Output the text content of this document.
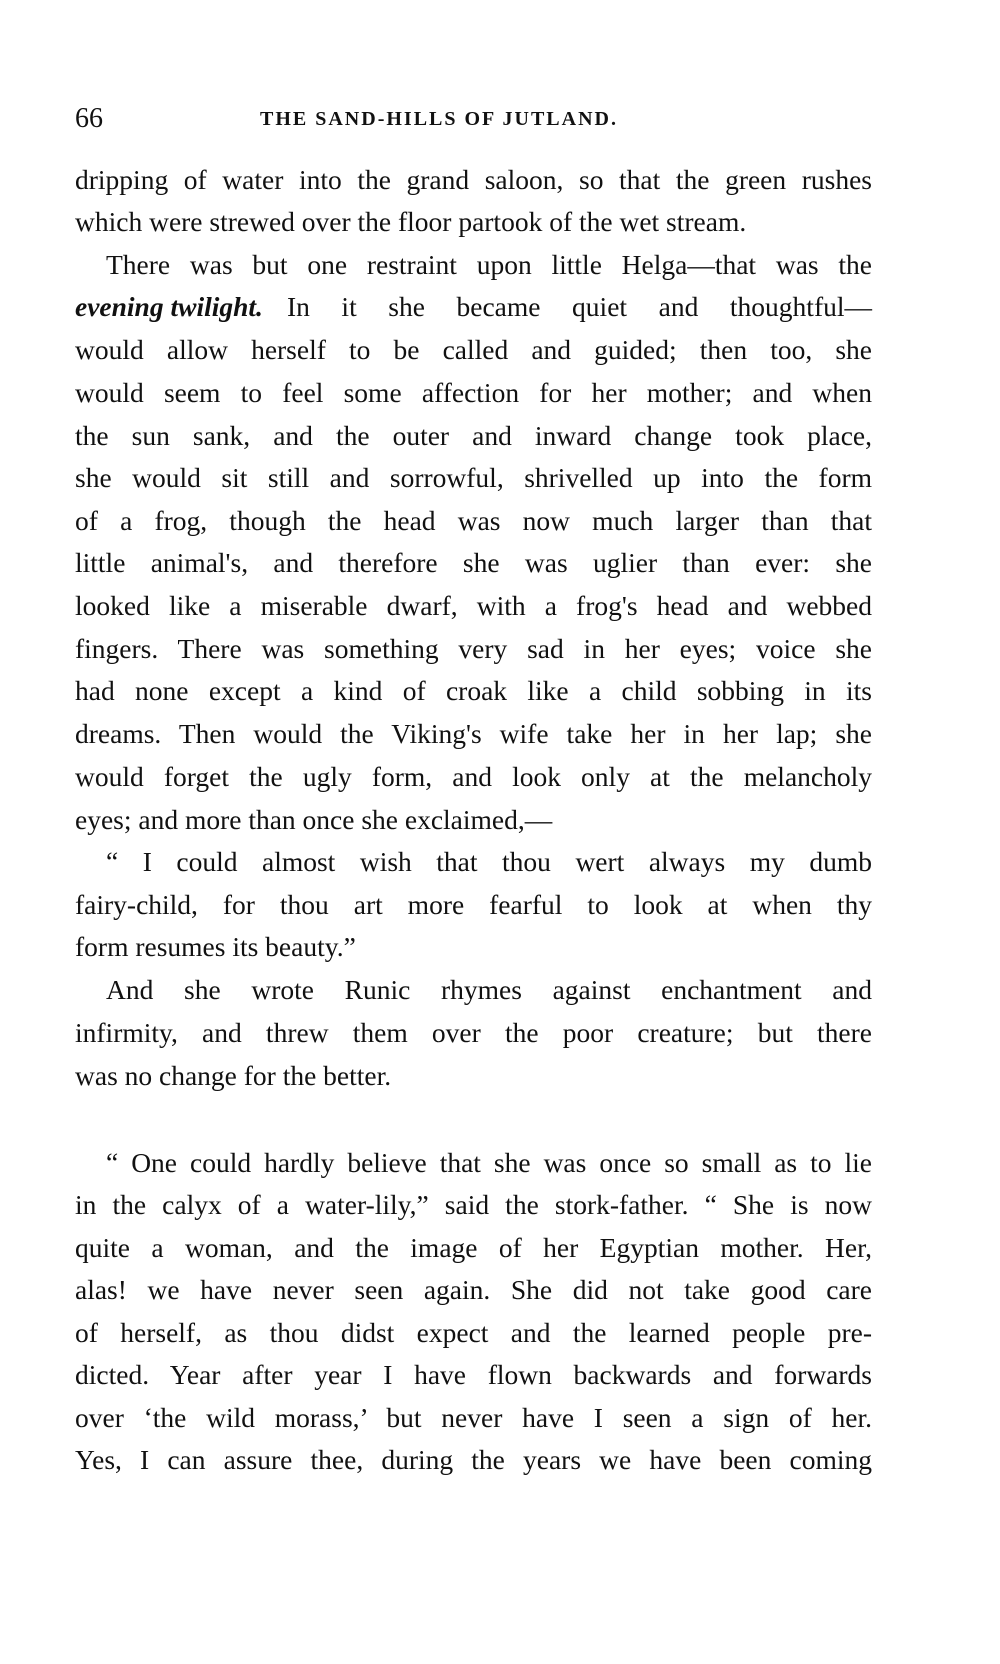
66	THE SAND-HILLS OF JUTLAND.
dripping of water into the grand saloon, so that the green rushes
which were strewed over the floor partook of the wet stream.
There was but one restraint upon little Helga—that was the
evening twilight. In it she became quiet and thoughtful—
would allow herself to be called and guided; then too, she
would seem to feel some affection for her mother; and when
the sun sank, and the outer and inward change took place,
she would sit still and sorrowful, shrivelled up into the form
of a frog, though the head was now much larger than that
little animal's, and therefore she was uglier than ever: she
looked like a miserable dwarf, with a frog's head and webbed
fingers. There was something very sad in her eyes; voice she
had none except a kind of croak like a child sobbing in its
dreams. Then would the Viking's wife take her in her lap; she
would forget the ugly form, and look only at the melancholy
eyes; and more than once she exclaimed,—
“ I could almost wish that thou wert always my dumb
fairy-child, for thou art more fearful to look at when thy
form resumes its beauty.”
And she wrote Runic rhymes against enchantment and
infirmity, and threw them over the poor creature; but there
was no change for the better.
“ One could hardly believe that she was once so small as to lie
in the calyx of a water-lily,” said the stork-father. “ She is now
quite a woman, and the image of her Egyptian mother. Her,
alas! we have never seen again. She did not take good care
of herself, as thou didst expect and the learned people pre-
dicted. Year after year I have flown backwards and forwards
over ‘the wild morass,’ but never have I seen a sign of her.
Yes, I can assure thee, during the years we have been coming
